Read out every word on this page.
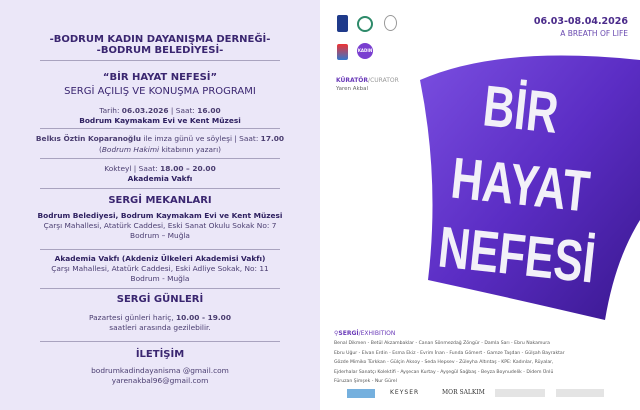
-BODRUM KADIN DAYANIŞMA DERNEĞİ-
-BODRUM BELEDİYESİ-
“BİR HAYAT NEFESİ”
SERGİ AÇILIŞ VE KONUŞMA PROGRAMI
Tarih: 06.03.2026 | Saat: 16.00
Bodrum Kaymakam Evi ve Kent Müzesi
Belkıs Öztin Koparanoğlu ile imza günü ve söyleşi | Saat: 17.00
(Bodrum Hakimi kitabının yazarı)
Kokteyl | Saat: 18.00 – 20.00
Akademia Vakfı
SERGİ MEKANLARI
Bodrum Belediyesi, Bodrum Kaymakam Evi ve Kent Müzesi
Çarşı Mahallesi, Atatürk Caddesi, Eski Sanat Okulu Sokak No: 7
Bodrum – Muğla
Akademia Vakfı (Akdeniz Ülkeleri Akademisi Vakfı)
Çarşı Mahallesi, Atatürk Caddesi, Eski Adliye Sokak, No: 11
Bodrum - Muğla
SERGİ GÜNLERİ
Pazartesi günleri hariç, 10.00 - 19.00
saatleri arasında gezilebilir.
İLETİŞİM
bodrumkadindayanisma @gmail.com
yarenakbal96@gmail.com
KADIN
06.03-08.04.2026
A BREATH OF LIFE
KÜRATÖR/CURATOR
Yaren Akbal BİR
HAYAT
NEFESİ
⚲SERGİ/EXHIBITION
Benal Dikmen - Betül Akzambaklar - Canan Sönmezdağ Zöngür - Damla Sarı - Ebru Nakamura
Ebru Uğur - Elvan Erdin - Esma Ekiz - Evrim İnan - Funda Gömert - Gamze Taşdan - Gülşah Bayraktar
Gözde Mimiko Türkkan - Gülçin Aksoy - Seda Hepsev - Züleyha Altıntaş - KPE: Kadınlar, Rüyalar,
Ejderhalar Sanatçı Kolektifi - Ayşecan Kurtay - Ayşegül Sağbaş - Beyza Boynudelik - Didem Ünlü
Füruzan Şimşek - Nur Gürel
KEYSER	MOR SALKIM
